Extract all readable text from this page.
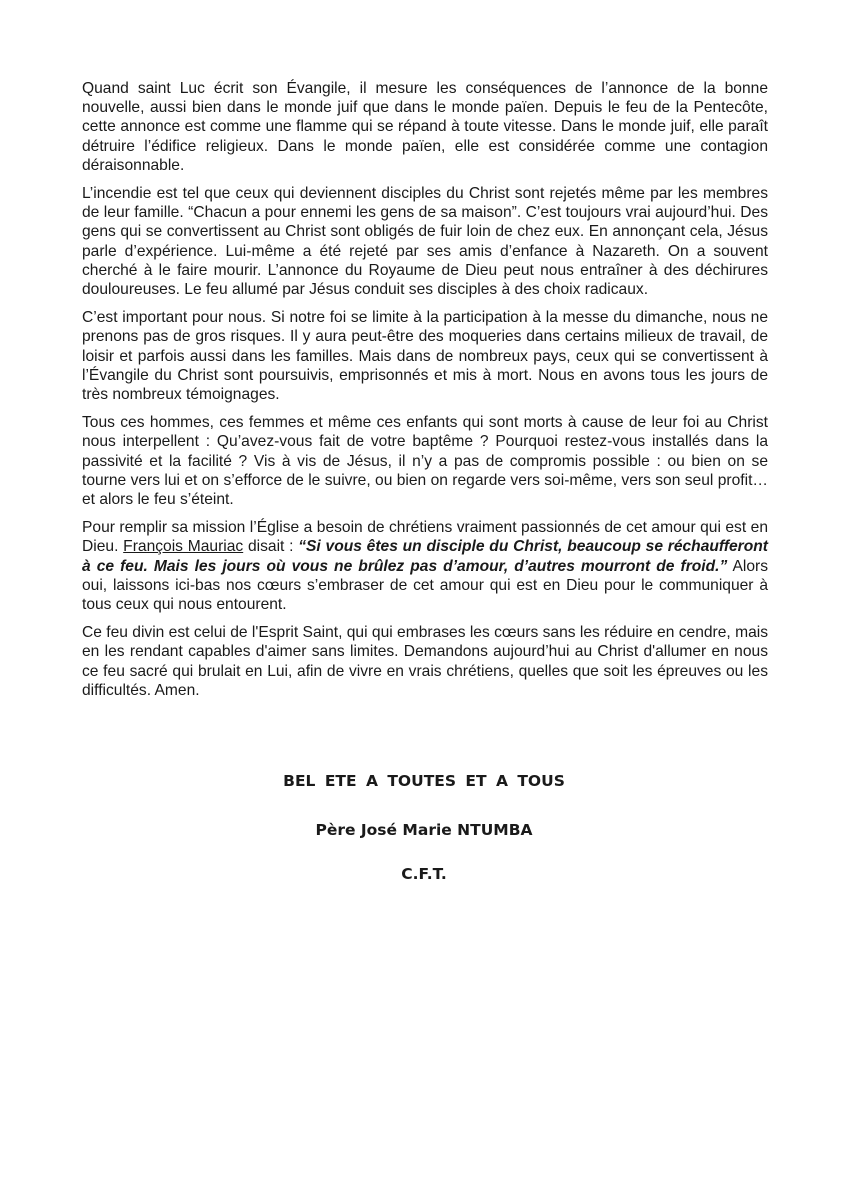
Quand saint Luc écrit son Évangile, il mesure les conséquences de l’annonce de la bonne nouvelle, aussi bien dans le monde juif que dans le monde païen. Depuis le feu de la Pentecôte, cette annonce est comme une flamme qui se répand à toute vitesse. Dans le monde juif, elle paraît détruire l’édifice religieux. Dans le monde païen, elle est considérée comme une contagion déraisonnable.

L’incendie est tel que ceux qui deviennent disciples du Christ sont rejetés même par les membres de leur famille. “Chacun a pour ennemi les gens de sa maison”. C’est toujours vrai aujourd’hui. Des gens qui se convertissent au Christ sont obligés de fuir loin de chez eux. En annonçant cela, Jésus parle d’expérience. Lui-même a été rejeté par ses amis d’enfance à Nazareth. On a souvent cherché à le faire mourir. L’annonce du Royaume de Dieu peut nous entraîner à des déchirures douloureuses. Le feu allumé par Jésus conduit ses disciples à des choix radicaux.

C’est important pour nous. Si notre foi se limite à la participation à la messe du dimanche, nous ne prenons pas de gros risques. Il y aura peut-être des moqueries dans certains milieux de travail, de loisir et parfois aussi dans les familles. Mais dans de nombreux pays, ceux qui se convertissent à l’Évangile du Christ sont poursuivis, emprisonnés et mis à mort. Nous en avons tous les jours de très nombreux témoignages.

Tous ces hommes, ces femmes et même ces enfants qui sont morts à cause de leur foi au Christ nous interpellent : Qu’avez-vous fait de votre baptême ? Pourquoi restez-vous installés dans la passivité et la facilité ? Vis à vis de Jésus, il n’y a pas de compromis possible : ou bien on se tourne vers lui et on s’efforce de le suivre, ou bien on regarde vers soi-même, vers son seul profit… et alors le feu s’éteint.

Pour remplir sa mission l’Église a besoin de chrétiens vraiment passionnés de cet amour qui est en Dieu. François Mauriac disait : “Si vous êtes un disciple du Christ, beaucoup se réchaufferont à ce feu. Mais les jours où vous ne brûlez pas d’amour, d’autres mourront de froid.” Alors oui, laissons ici-bas nos cœurs s’embraser de cet amour qui est en Dieu pour le communiquer à tous ceux qui nous entourent.

Ce feu divin est celui de l'Esprit Saint, qui qui embrases les cœurs sans les réduire en cendre, mais en les rendant capables d'aimer sans limites. Demandons aujourd’hui au Christ d'allumer en nous ce feu sacré qui brulait en Lui, afin de vivre en vrais chrétiens, quelles que soit les épreuves ou les difficultés. Amen.

BEL ETE A TOUTES ET A TOUS
Père José Marie NTUMBA
C.F.T.
